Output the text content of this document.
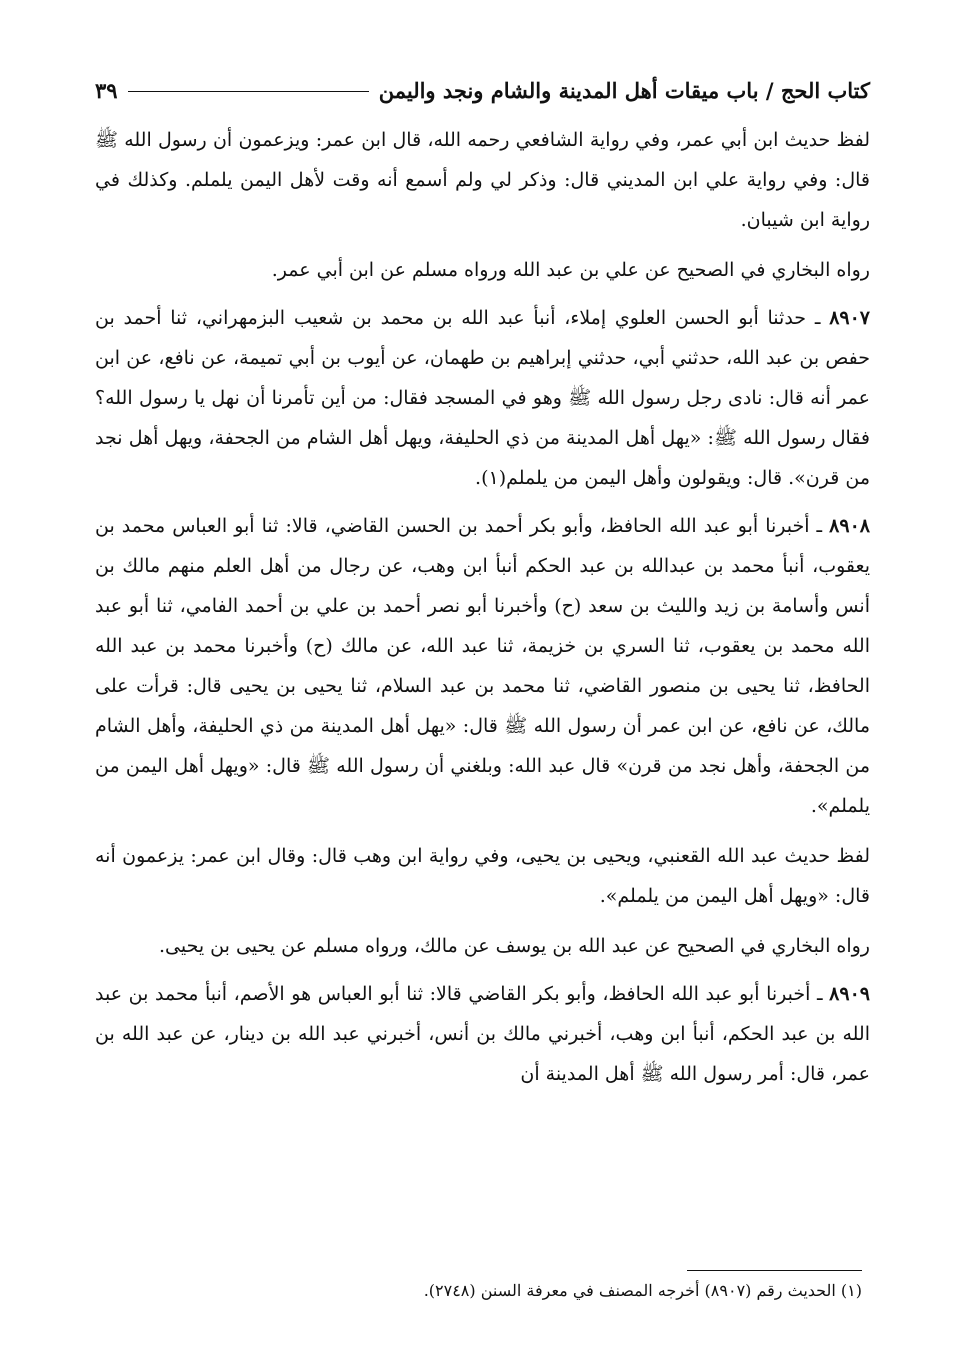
كتاب الحج / باب ميقات أهل المدينة والشام ونجد واليمن
٣٩

لفظ حديث ابن أبي عمر، وفي رواية الشافعي رحمه الله، قال ابن عمر: ويزعمون أن رسول الله ﷺ قال: وفي رواية علي ابن المديني قال: وذكر لي ولم أسمع أنه وقت لأهل اليمن يلملم. وكذلك في رواية ابن شيبان.

رواه البخاري في الصحيح عن علي بن عبد الله ورواه مسلم عن ابن أبي عمر.

٨٩٠٧ ـ حدثنا أبو الحسن العلوي إملاء، أنبأ عبد الله بن محمد بن شعيب البزمهراني، ثنا أحمد بن حفص بن عبد الله، حدثني أبي، حدثني إبراهيم بن طهمان، عن أيوب بن أبي تميمة، عن نافع، عن ابن عمر أنه قال: نادى رجل رسول الله ﷺ وهو في المسجد فقال: من أين تأمرنا أن نهل يا رسول الله؟ فقال رسول الله ﷺ: «يهل أهل المدينة من ذي الحليفة، ويهل أهل الشام من الجحفة، ويهل أهل نجد من قرن». قال: ويقولون وأهل اليمن من يلملم(١).

٨٩٠٨ ـ أخبرنا أبو عبد الله الحافظ، وأبو بكر أحمد بن الحسن القاضي، قالا: ثنا أبو العباس محمد بن يعقوب، أنبأ محمد بن عبدالله بن عبد الحكم أنبأ ابن وهب، عن رجال من أهل العلم منهم مالك بن أنس وأسامة بن زيد والليث بن سعد (ح) وأخبرنا أبو نصر أحمد بن علي بن أحمد الفامي، ثنا أبو عبد الله محمد بن يعقوب، ثنا السري بن خزيمة، ثنا عبد الله، عن مالك (ح) وأخبرنا محمد بن عبد الله الحافظ، ثنا يحيى بن منصور القاضي، ثنا محمد بن عبد السلام، ثنا يحيى بن يحيى قال: قرأت على مالك، عن نافع، عن ابن عمر أن رسول الله ﷺ قال: «يهل أهل المدينة من ذي الحليفة، وأهل الشام من الجحفة، وأهل نجد من قرن» قال عبد الله: وبلغني أن رسول الله ﷺ قال: «ويهل أهل اليمن من يلملم».

لفظ حديث عبد الله القعنبي، ويحيى بن يحيى، وفي رواية ابن وهب قال: وقال ابن عمر: يزعمون أنه قال: «ويهل أهل اليمن من يلملم».

رواه البخاري في الصحيح عن عبد الله بن يوسف عن مالك، ورواه مسلم عن يحيى بن يحيى.

٨٩٠٩ ـ أخبرنا أبو عبد الله الحافظ، وأبو بكر القاضي قالا: ثنا أبو العباس هو الأصم، أنبأ محمد بن عبد الله بن عبد الحكم، أنبأ ابن وهب، أخبرني مالك بن أنس، أخبرني عبد الله بن دينار، عن عبد الله بن عمر، قال: أمر رسول الله ﷺ أهل المدينة أن

(١) الحديث رقم (٨٩٠٧) أخرجه المصنف في معرفة السنن (٢٧٤٨).
